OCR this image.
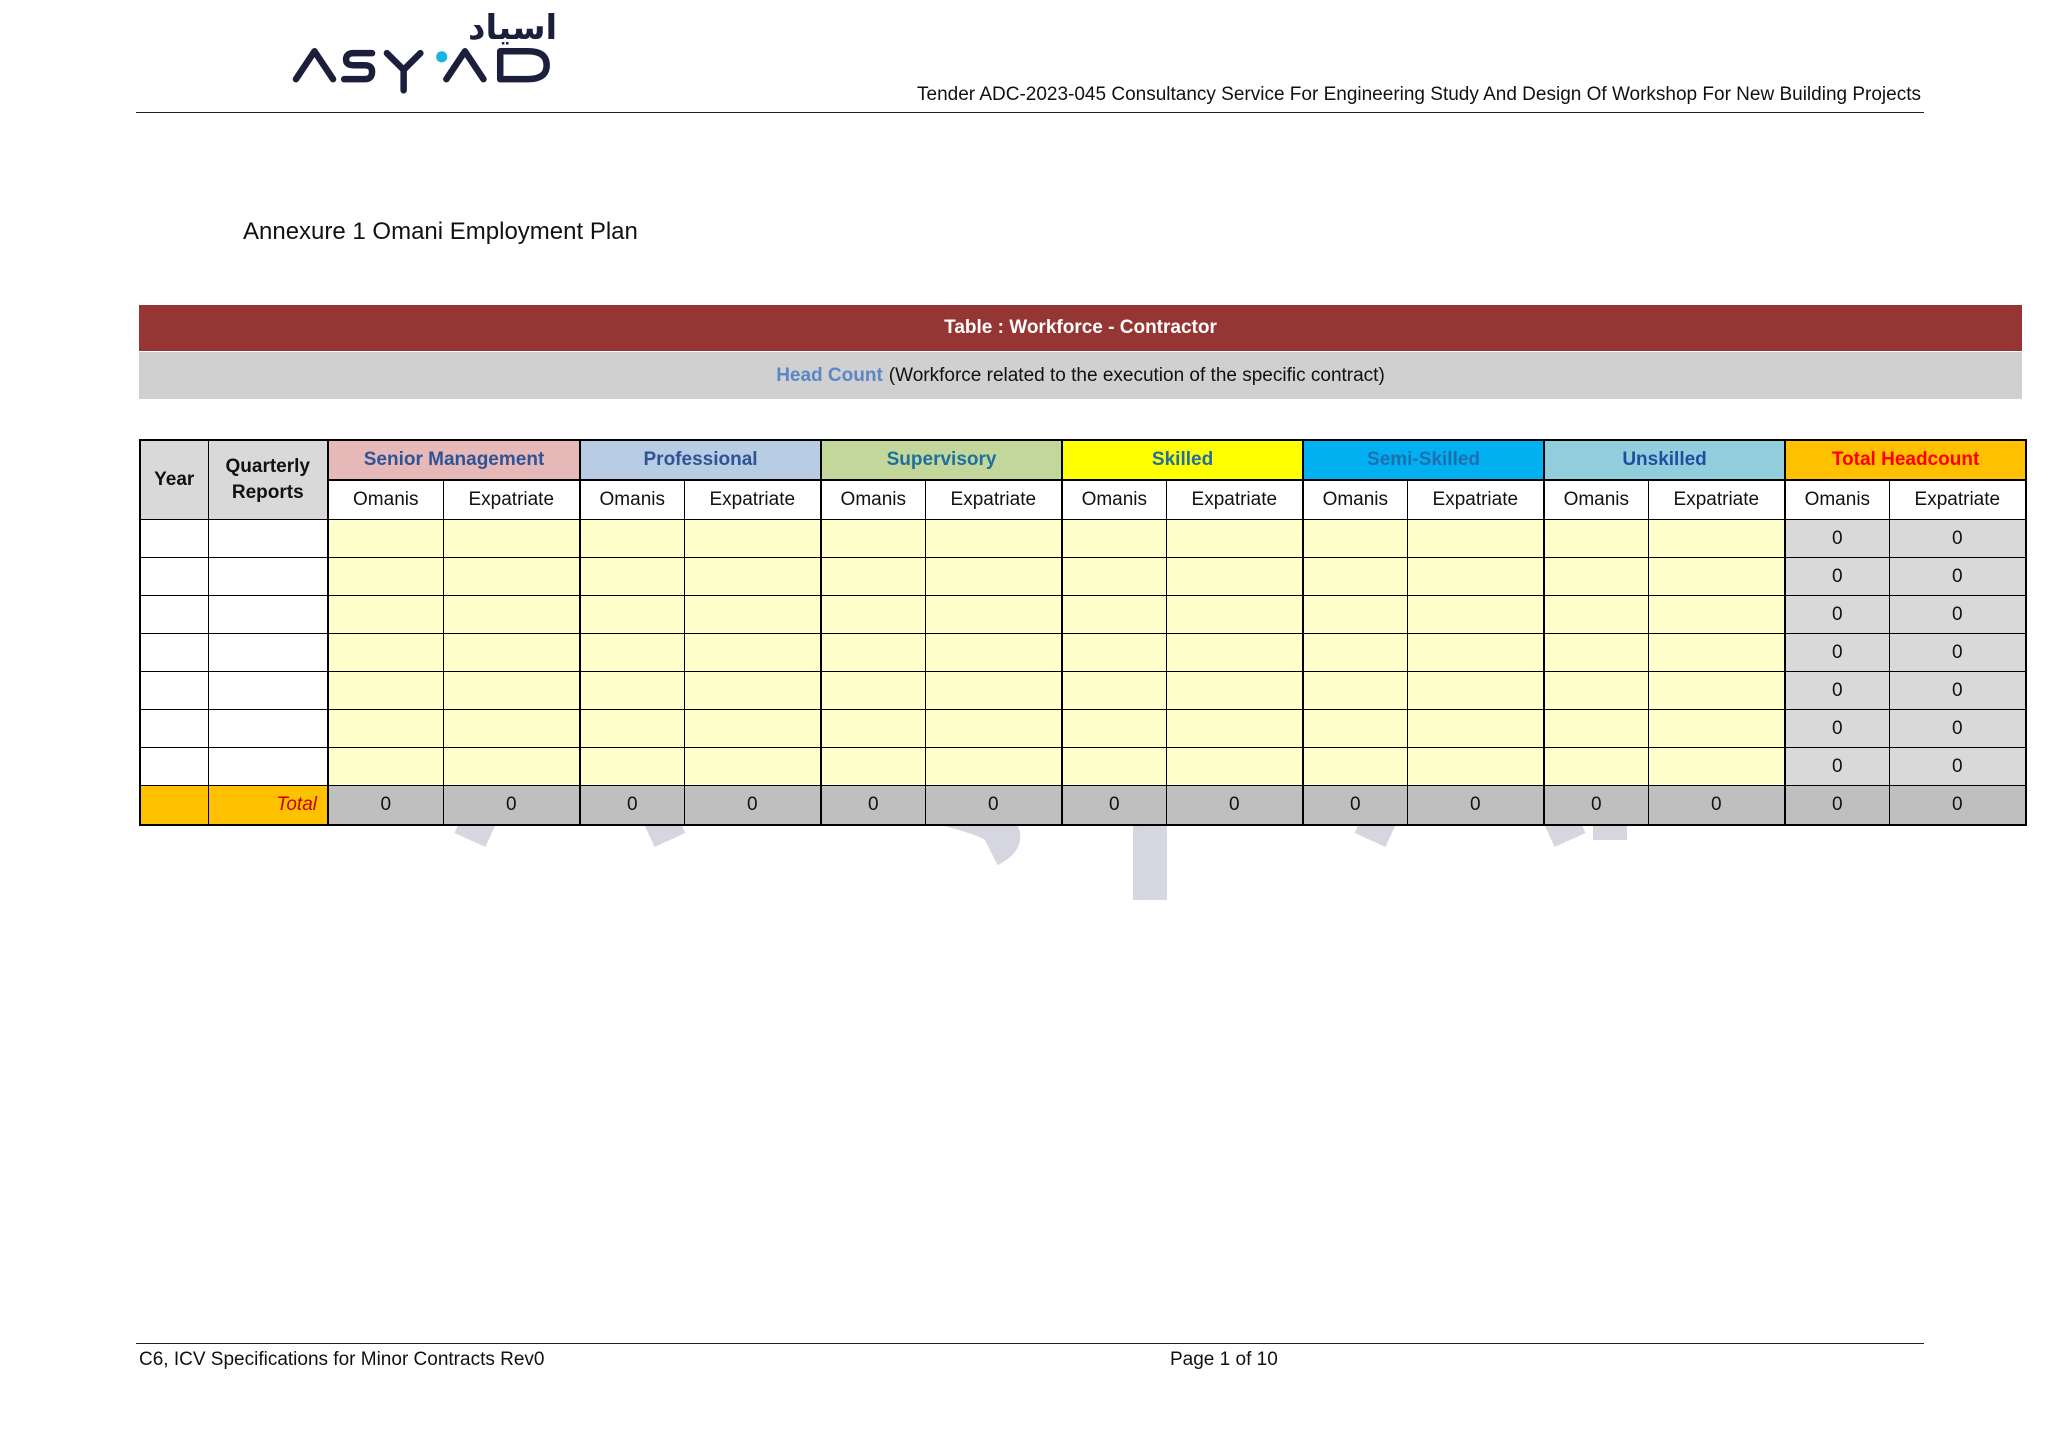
اسياد
Tender ADC-2023-045 Consultancy Service For Engineering Study And Design Of Workshop For New Building Projects
Annexure 1 Omani Employment Plan
Table : Workforce - Contractor
Head Count (Workforce related to the execution of the specific contract)
Year	Quarterly Reports	Senior Management		Professional		Supervisory		Skilled		Semi-Skilled		Unskilled		Total Headcount	
		Omanis	Expatriate	Omanis	Expatriate	Omanis	Expatriate	Omanis	Expatriate	Omanis	Expatriate	Omanis	Expatriate	Omanis	Expatriate
														0	0
														0	0
														0	0
														0	0
														0	0
														0	0
														0	0
	Total	0	0	0	0	0	0	0	0	0	0	0	0	0	0
C6, ICV Specifications for Minor Contracts Rev0	Page 1 of 10
